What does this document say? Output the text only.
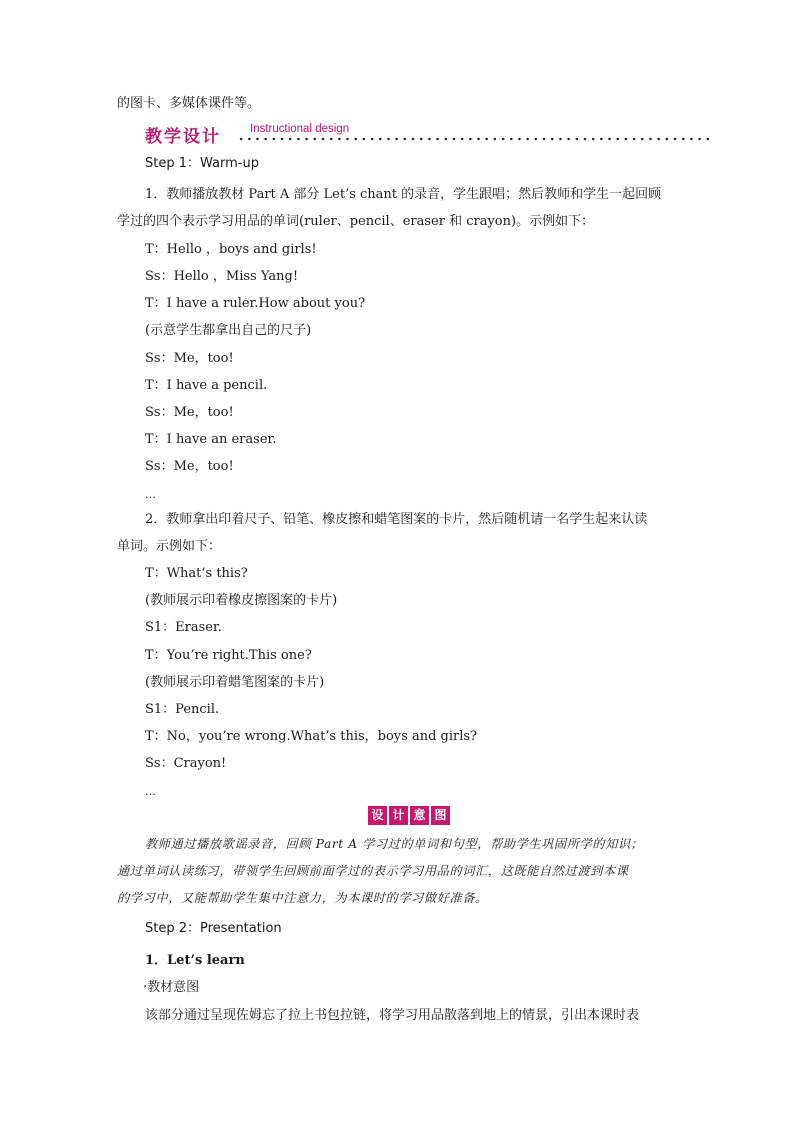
的图卡、多媒体课件等。
教学设计	Instructional design
Step 1：Warm-up
1．教师播放教材 Part A 部分 Let’s chant 的录音，学生跟唱；然后教师和学生一起回顾
学过的四个表示学习用品的单词(ruler、pencil、eraser 和 crayon)。示例如下：
T：Hello ，boys and girls!
Ss：Hello ，Miss Yang!
T：I have a ruler.How about you?
(示意学生都拿出自己的尺子)
Ss：Me，too!
T：I have a pencil.
Ss：Me，too!
T：I have an eraser.
Ss：Me，too!
…
2．教师拿出印着尺子、铅笔、橡皮擦和蜡笔图案的卡片，然后随机请一名学生起来认读
单词。示例如下：
T：What’s this?
(教师展示印着橡皮擦图案的卡片)
S1：Eraser.
T：You’re right.This one?
(教师展示印着蜡笔图案的卡片)
S1：Pencil.
T：No，you’re wrong.What’s this，boys and girls?
Ss：Crayon!
…
设 计 意 图
教师通过播放歌谣录音，回顾 Part A 学习过的单词和句型，帮助学生巩固所学的知识；
通过单词认读练习，带领学生回顾前面学过的表示学习用品的词汇，这既能自然过渡到本课
的学习中，又能帮助学生集中注意力，为本课时的学习做好准备。
Step 2：Presentation
1．Let’s learn
·教材意图
该部分通过呈现佐姆忘了拉上书包拉链，将学习用品散落到地上的情景，引出本课时表
